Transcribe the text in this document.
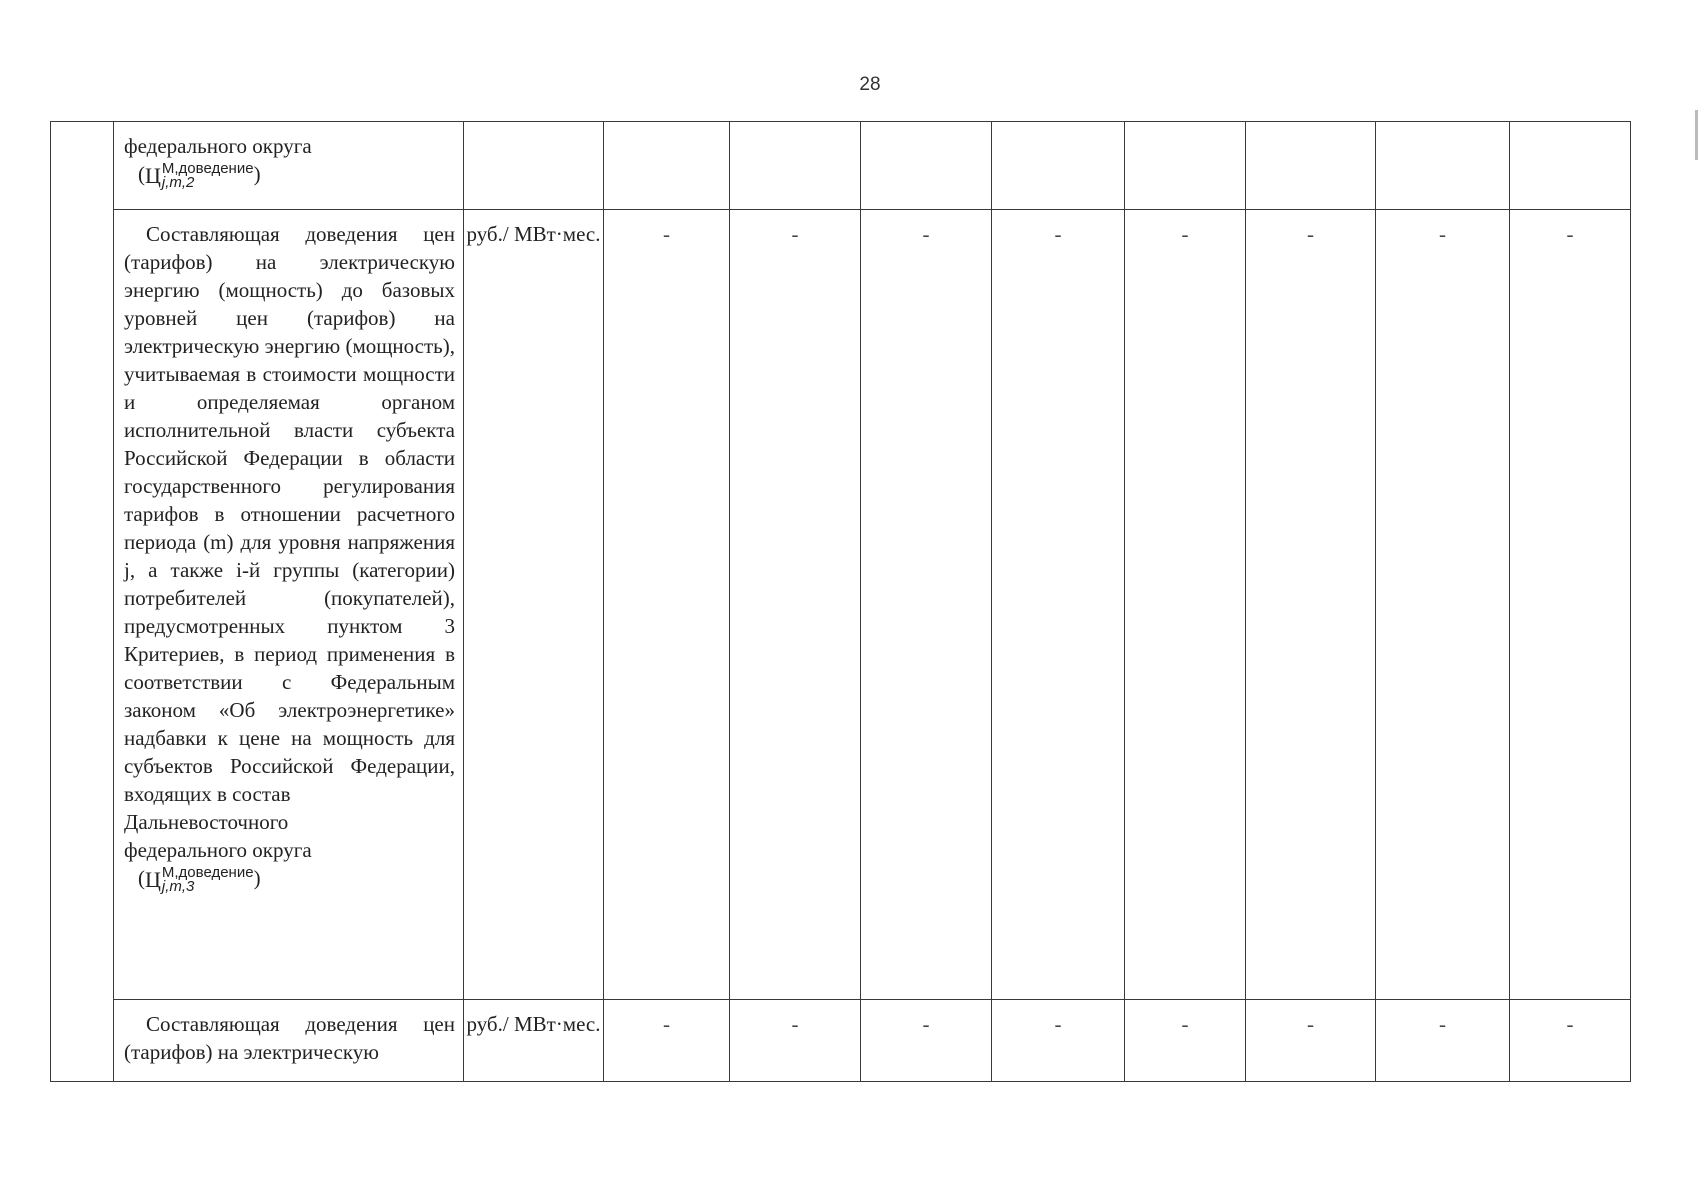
28

	федерального округа
(ЦМ,доведение
j,m,2 )									

	Составляющая доведения цен (тарифов) на электрическую энергию (мощность) до базовых уровней цен (тарифов) на электрическую энергию (мощность), учитываемая в стоимости мощности и определяемая органом исполнительной власти субъекта Российской Федерации в области государственного регулирования тарифов в отношении расчетного периода (m) для уровня напряжения j, а также i-й группы (категории) потребителей (покупателей), предусмотренных пунктом 3 Критериев, в период применения в соответствии с Федеральным законом «Об электроэнергетике» надбавки к цене на мощность для субъектов Российской Федерации, входящих в состав

Дальневосточного
федерального округа
(ЦМ,доведение
j,m,3 )	руб./ МВт·мес.	-	-	-	-	-	-	-	-

	Составляющая доведения цен (тарифов) на электрическую	руб./ МВт·мес.	-	-	-	-	-	-	-	-
